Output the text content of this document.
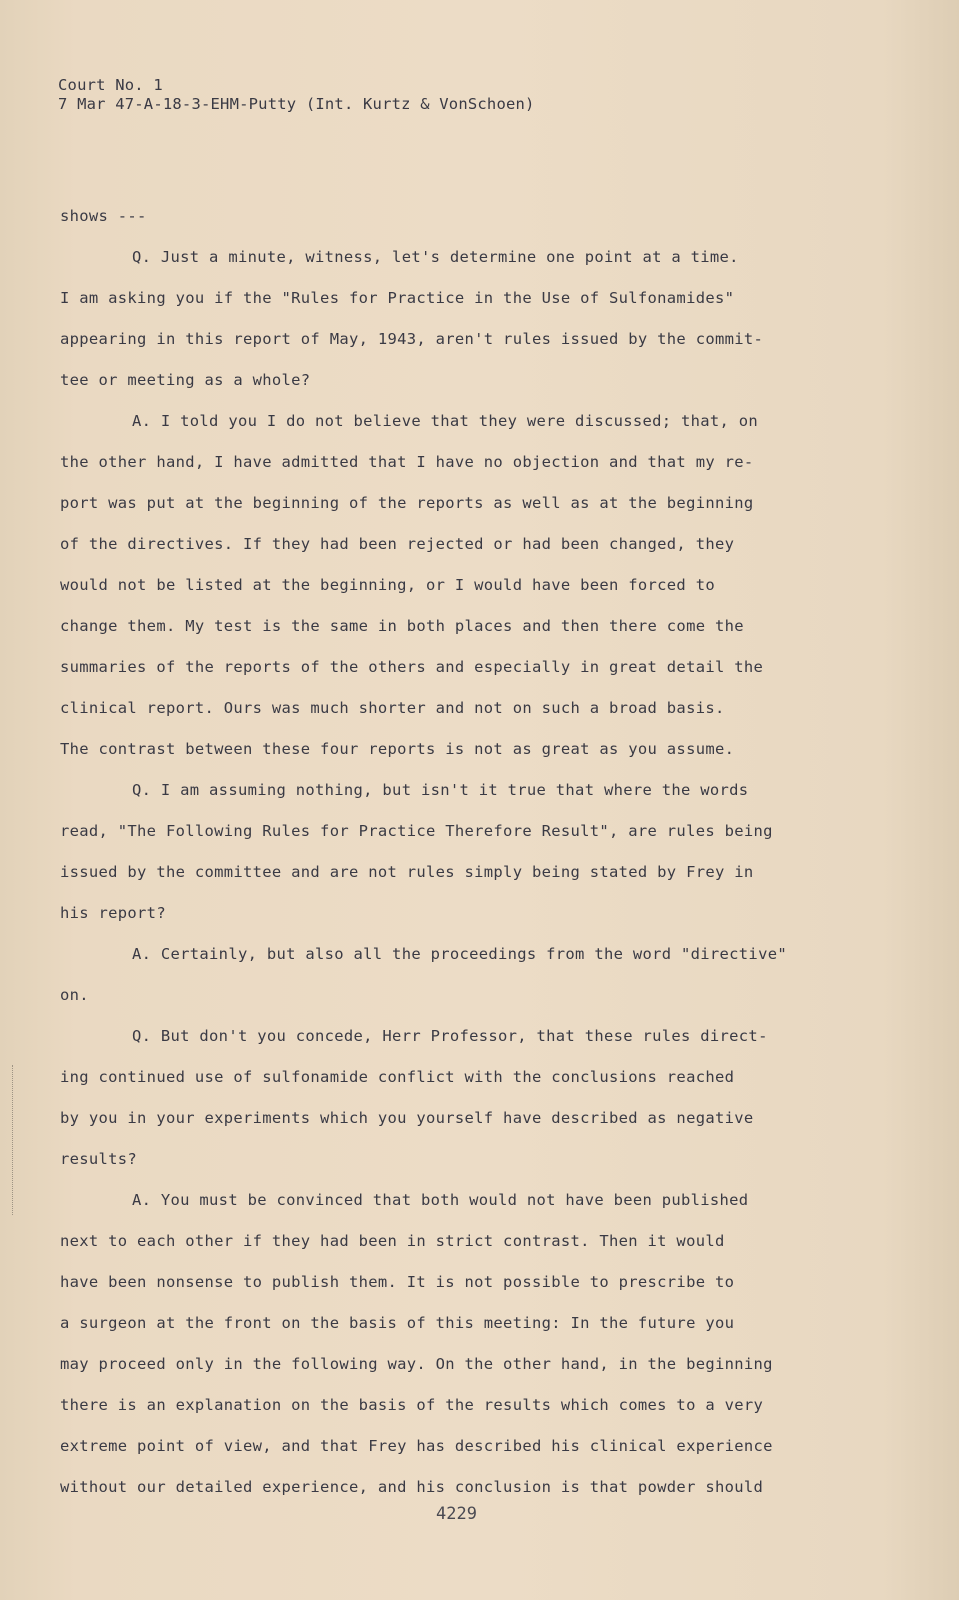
Court No. 1
7 Mar 47-A-18-3-EHM-Putty (Int. Kurtz & VonSchoen)
shows ---
Q. Just a minute, witness, let's determine one point at a time.
I am asking you if the "Rules for Practice in the Use of Sulfonamides"
appearing in this report of May, 1943, aren't rules issued by the commit-
tee or meeting as a whole?
A. I told you I do not believe that they were discussed; that, on
the other hand, I have admitted that I have no objection and that my re-
port was put at the beginning of the reports as well as at the beginning
of the directives. If they had been rejected or had been changed, they
would not be listed at the beginning, or I would have been forced to
change them. My test is the same in both places and then there come the
summaries of the reports of the others and especially in great detail the
clinical report. Ours was much shorter and not on such a broad basis.
The contrast between these four reports is not as great as you assume.
Q. I am assuming nothing, but isn't it true that where the words
read, "The Following Rules for Practice Therefore Result", are rules being
issued by the committee and are not rules simply being stated by Frey in
his report?
A. Certainly, but also all the proceedings from the word "directive"
on.
Q. But don't you concede, Herr Professor, that these rules direct-
ing continued use of sulfonamide conflict with the conclusions reached
by you in your experiments which you yourself have described as negative
results?
A. You must be convinced that both would not have been published
next to each other if they had been in strict contrast. Then it would
have been nonsense to publish them. It is not possible to prescribe to
a surgeon at the front on the basis of this meeting: In the future you
may proceed only in the following way. On the other hand, in the beginning
there is an explanation on the basis of the results which comes to a very
extreme point of view, and that Frey has described his clinical experience
without our detailed experience, and his conclusion is that powder should
4229
